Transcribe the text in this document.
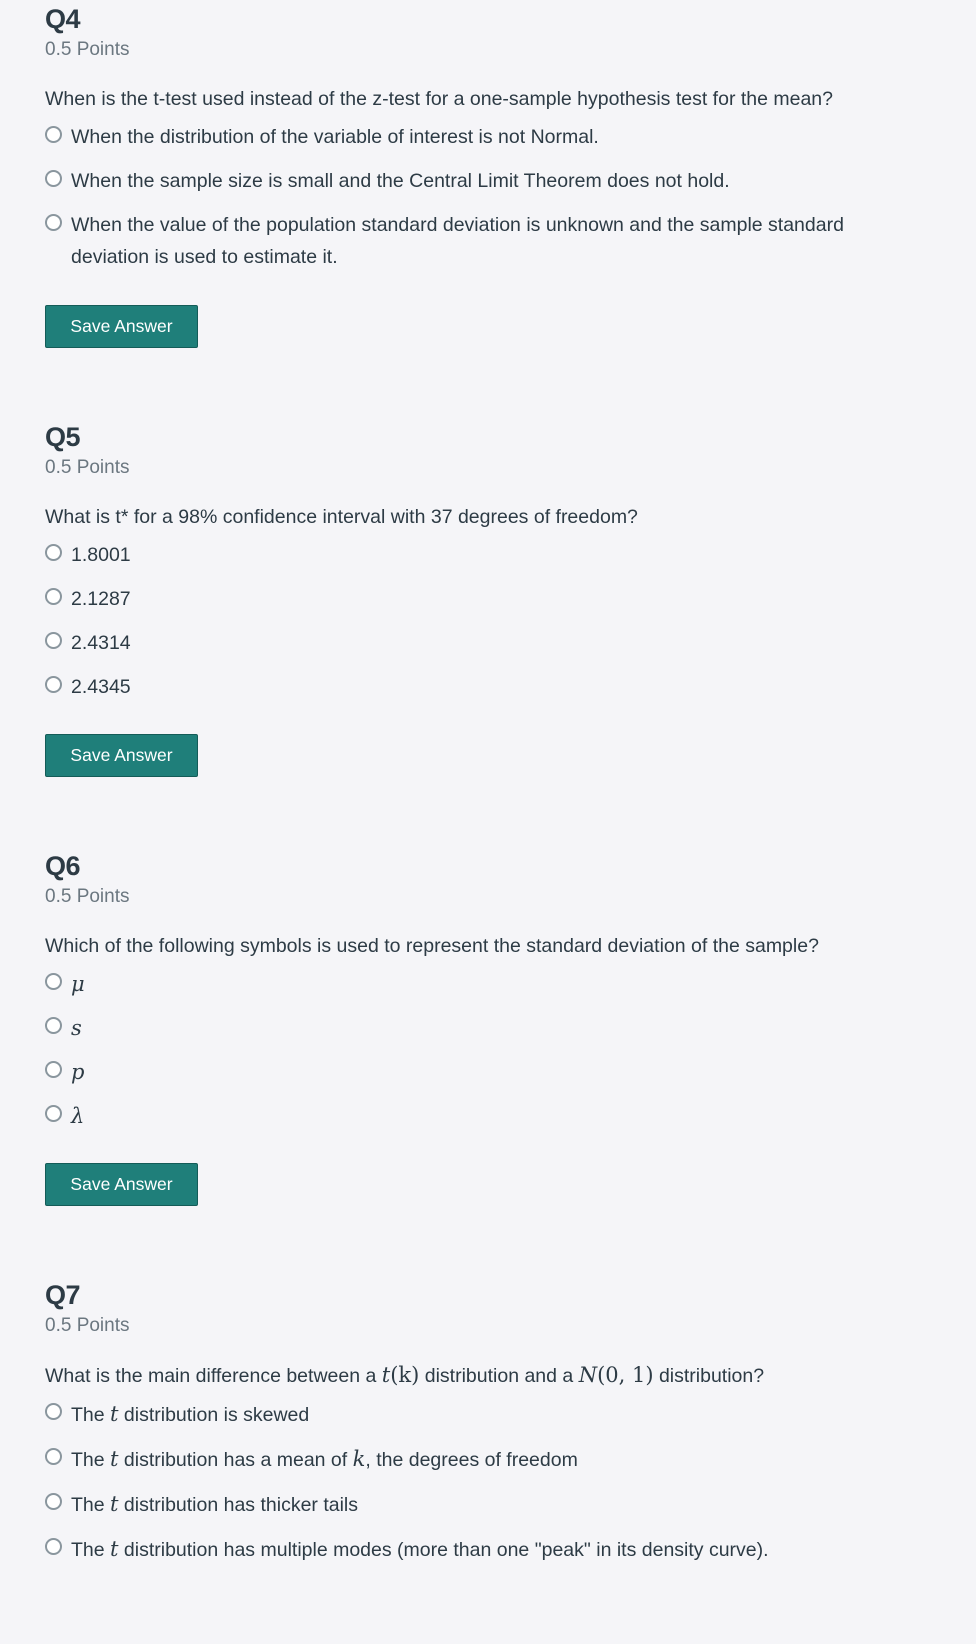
Q4
0.5 Points
When is the t-test used instead of the z-test for a one-sample hypothesis test for the mean?
When the distribution of the variable of interest is not Normal.
When the sample size is small and the Central Limit Theorem does not hold.
When the value of the population standard deviation is unknown and the sample standard deviation is used to estimate it.
Save Answer
Q5
0.5 Points
What is t* for a 98% confidence interval with 37 degrees of freedom?
1.8001
2.1287
2.4314
2.4345
Save Answer
Q6
0.5 Points
Which of the following symbols is used to represent the standard deviation of the sample?
μ
s
p
λ
Save Answer
Q7
0.5 Points
What is the main difference between a t(k) distribution and a N(0, 1) distribution?
The t distribution is skewed
The t distribution has a mean of k, the degrees of freedom
The t distribution has thicker tails
The t distribution has multiple modes (more than one "peak" in its density curve).
